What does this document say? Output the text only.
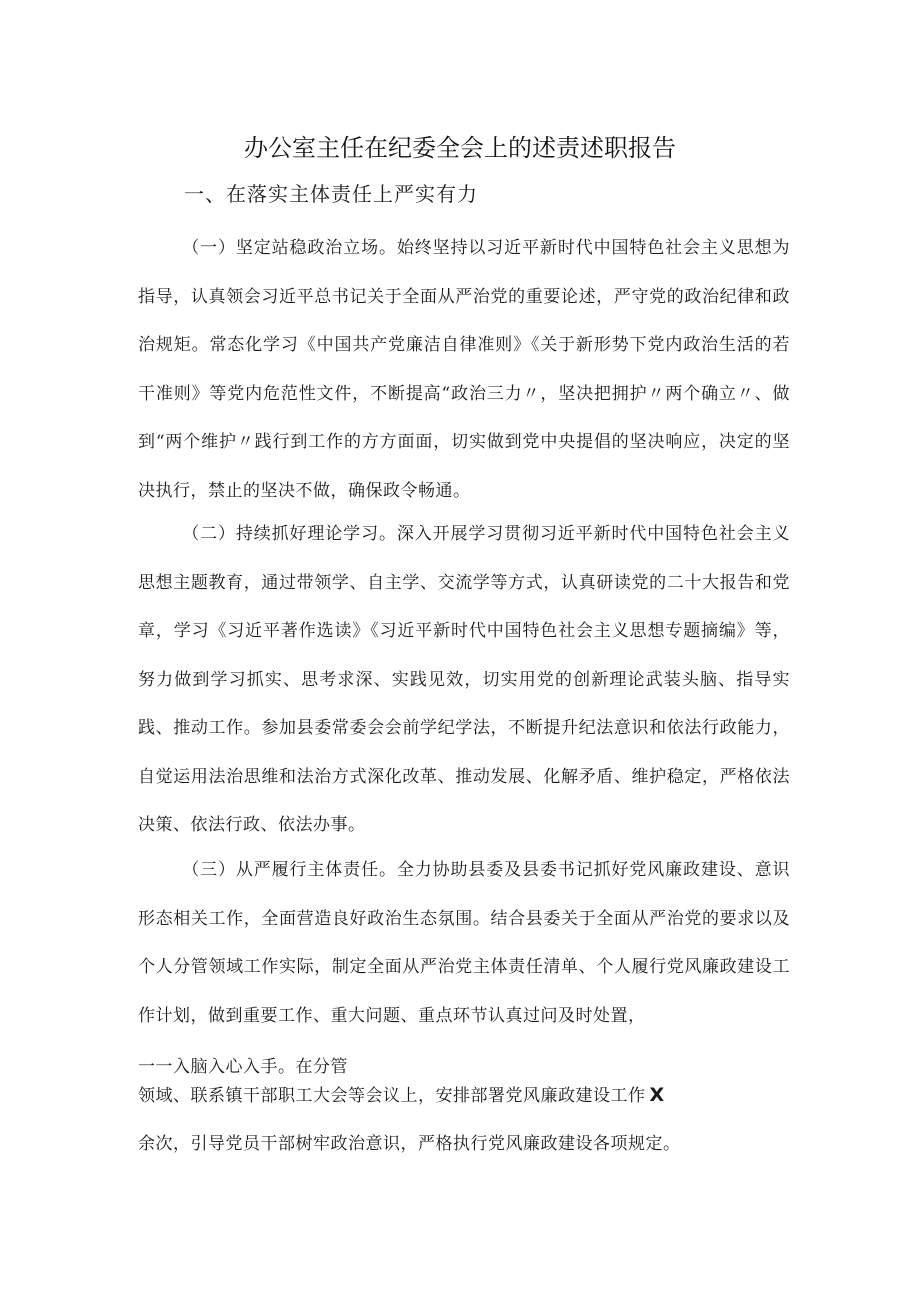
办公室主任在纪委全会上的述责述职报告
一、在落实主体责任上严实有力
（一）坚定站稳政治立场。始终坚持以习近平新时代中国特色社会主义思想为指导，认真领会习近平总书记关于全面从严治党的重要论述，严守党的政治纪律和政治规矩。常态化学习《中国共产党廉洁自律准则》《关于新形势下党内政治生活的若干准则》等党内危范性文件，不断提高“政治三力〃，坚决把拥护〃两个确立〃、做到“两个维护〃践行到工作的方方面面，切实做到党中央提倡的坚决响应，决定的坚决执行，禁止的坚决不做，确保政令畅通。
（二）持续抓好理论学习。深入开展学习贯彻习近平新时代中国特色社会主义思想主题教育，通过带领学、自主学、交流学等方式，认真研读党的二十大报告和党章，学习《习近平著作选读》《习近平新时代中国特色社会主义思想专题摘编》等，努力做到学习抓实、思考求深、实践见效，切实用党的创新理论武装头脑、指导实践、推动工作。参加县委常委会会前学纪学法，不断提升纪法意识和依法行政能力，自觉运用法治思维和法治方式深化改革、推动发展、化解矛盾、维护稳定，严格依法决策、依法行政、依法办事。
（三）从严履行主体责任。全力协助县委及县委书记抓好党风廉政建设、意识形态相关工作，全面营造良好政治生态氛围。结合县委关于全面从严治党的要求以及个人分管领域工作实际，制定全面从严治党主体责任清单、个人履行党风廉政建设工作计划，做到重要工作、重大问题、重点环节认真过问及时处置，
一一入脑入心入手。在分管
领域、联系镇干部职工大会等会议上，安排部署党风廉政建设工作 X
余次，引导党员干部树牢政治意识，严格执行党风廉政建设各项规定。
